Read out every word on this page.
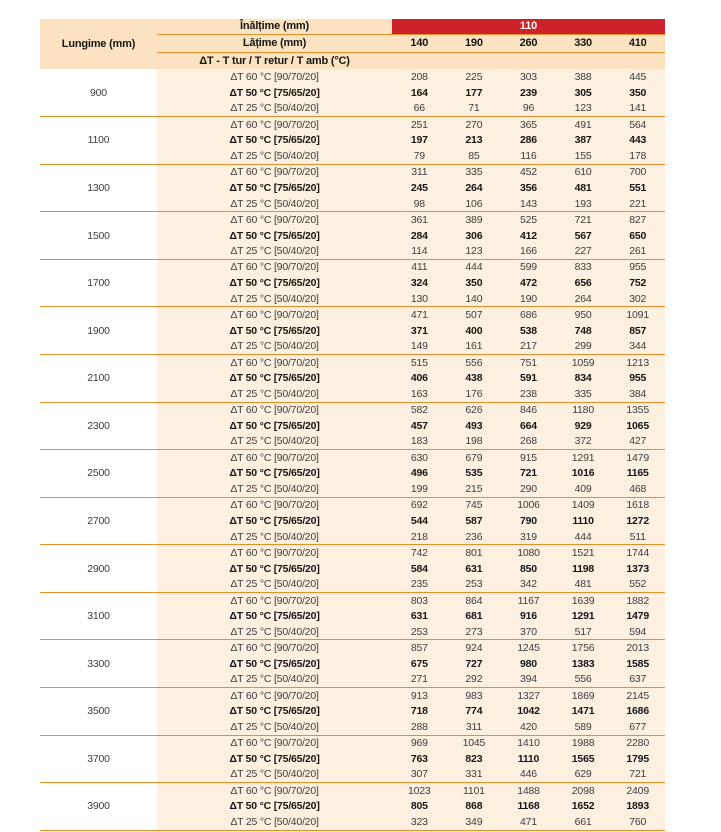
Lungime (mm)	Înălțime (mm)	110				
	Lățime (mm)	140	190	260	330	410
	ΔT - T tur / T retur / T amb (°C)					
900	ΔT 60 °C [90/70/20]	208	225	303	388	445
	ΔT 50 °C [75/65/20]	164	177	239	305	350
	ΔT 25 °C [50/40/20]	66	71	96	123	141
1100	ΔT 60 °C [90/70/20]	251	270	365	491	564
	ΔT 50 °C [75/65/20]	197	213	286	387	443
	ΔT 25 °C [50/40/20]	79	85	116	155	178
1300	ΔT 60 °C [90/70/20]	311	335	452	610	700
	ΔT 50 °C [75/65/20]	245	264	356	481	551
	ΔT 25 °C [50/40/20]	98	106	143	193	221
1500	ΔT 60 °C [90/70/20]	361	389	525	721	827
	ΔT 50 °C [75/65/20]	284	306	412	567	650
	ΔT 25 °C [50/40/20]	114	123	166	227	261
1700	ΔT 60 °C [90/70/20]	411	444	599	833	955
	ΔT 50 °C [75/65/20]	324	350	472	656	752
	ΔT 25 °C [50/40/20]	130	140	190	264	302
1900	ΔT 60 °C [90/70/20]	471	507	686	950	1091
	ΔT 50 °C [75/65/20]	371	400	538	748	857
	ΔT 25 °C [50/40/20]	149	161	217	299	344
2100	ΔT 60 °C [90/70/20]	515	556	751	1059	1213
	ΔT 50 °C [75/65/20]	406	438	591	834	955
	ΔT 25 °C [50/40/20]	163	176	238	335	384
2300	ΔT 60 °C [90/70/20]	582	626	846	1180	1355
	ΔT 50 °C [75/65/20]	457	493	664	929	1065
	ΔT 25 °C [50/40/20]	183	198	268	372	427
2500	ΔT 60 °C [90/70/20]	630	679	915	1291	1479
	ΔT 50 °C [75/65/20]	496	535	721	1016	1165
	ΔT 25 °C [50/40/20]	199	215	290	409	468
2700	ΔT 60 °C [90/70/20]	692	745	1006	1409	1618
	ΔT 50 °C [75/65/20]	544	587	790	1110	1272
	ΔT 25 °C [50/40/20]	218	236	319	444	511
2900	ΔT 60 °C [90/70/20]	742	801	1080	1521	1744
	ΔT 50 °C [75/65/20]	584	631	850	1198	1373
	ΔT 25 °C [50/40/20]	235	253	342	481	552
3100	ΔT 60 °C [90/70/20]	803	864	1167	1639	1882
	ΔT 50 °C [75/65/20]	631	681	916	1291	1479
	ΔT 25 °C [50/40/20]	253	273	370	517	594
3300	ΔT 60 °C [90/70/20]	857	924	1245	1756	2013
	ΔT 50 °C [75/65/20]	675	727	980	1383	1585
	ΔT 25 °C [50/40/20]	271	292	394	556	637
3500	ΔT 60 °C [90/70/20]	913	983	1327	1869	2145
	ΔT 50 °C [75/65/20]	718	774	1042	1471	1686
	ΔT 25 °C [50/40/20]	288	311	420	589	677
3700	ΔT 60 °C [90/70/20]	969	1045	1410	1988	2280
	ΔT 50 °C [75/65/20]	763	823	1110	1565	1795
	ΔT 25 °C [50/40/20]	307	331	446	629	721
3900	ΔT 60 °C [90/70/20]	1023	1101	1488	2098	2409
	ΔT 50 °C [75/65/20]	805	868	1168	1652	1893
	ΔT 25 °C [50/40/20]	323	349	471	661	760
